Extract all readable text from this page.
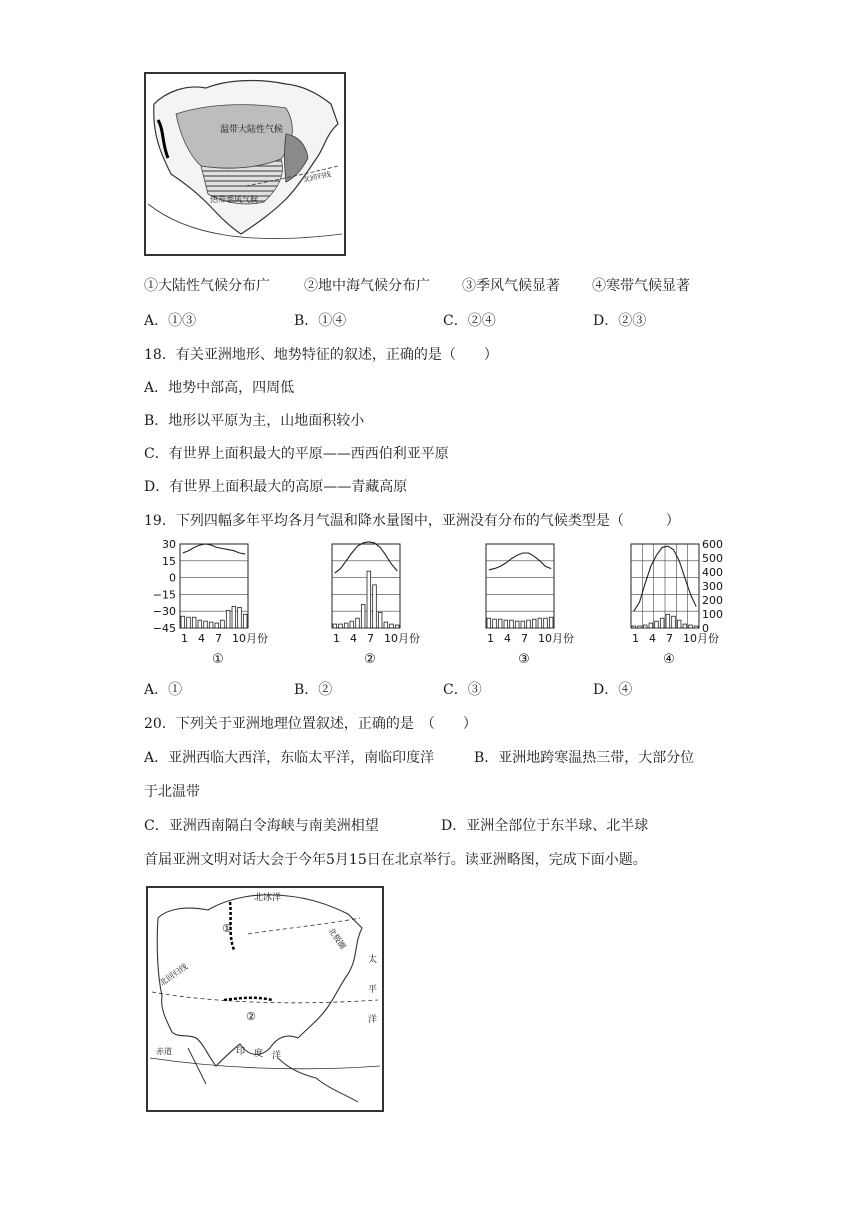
温带大陆性气候
热带季风气候
北回归线
①大陆性气候分布广 ②地中海气候分布广 ③季风气候显著 ④寒带气候显著
A．①③	B．①④	C．②④	D．②③
18．有关亚洲地形、地势特征的叙述，正确的是（　　）
A．地势中部高，四周低
B．地形以平原为主，山地面积较小
C．有世界上面积最大的平原——西西伯利亚平原
D．有世界上面积最大的高原——青藏高原
19．下列四幅多年平均各月气温和降水量图中，亚洲没有分布的气候类型是（　　　）
30
15
0
−15
−30
−45
1 4 7 10月份
①
1 4 7 10月份
②
1 4 7 10月份
③
600
500
400
300
200
100
0
1 4 7 10月份
④
A．①	B．②	C．③	D．④
20．下列关于亚洲地理位置叙述，正确的是　（　　）
A．亚洲西临大西洋，东临太平洋，南临印度洋	B．亚洲地跨寒温热三带，大部分位
于北温带
C．亚洲西南隔白令海峡与南美洲相望	D．亚洲全部位于东半球、北半球
首届亚洲文明对话大会于今年5月15日在北京举行。读亚洲略图，完成下面小题。
北冰洋
北极圈
太
平
洋
北回归线
赤道	印 度 洋
①
②
